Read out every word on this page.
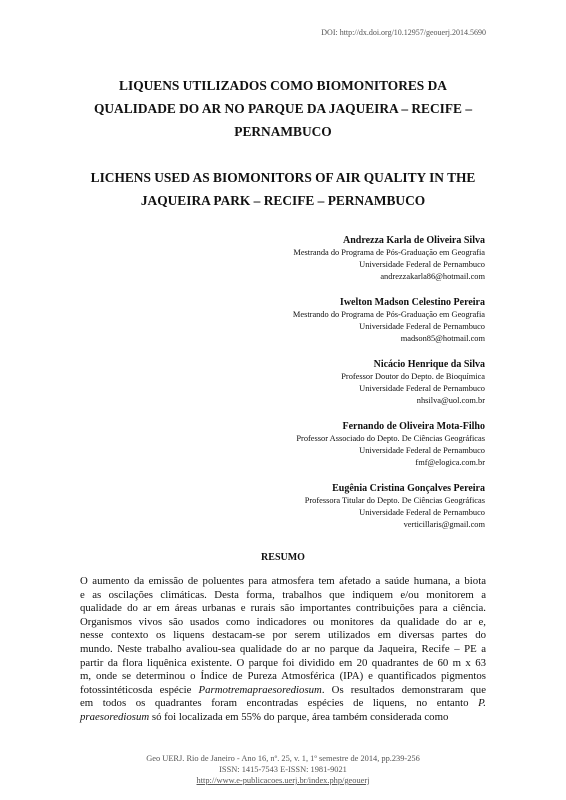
DOI: http://dx.doi.org/10.12957/geouerj.2014.5690
LIQUENS UTILIZADOS COMO BIOMONITORES DA
QUALIDADE DO AR NO PARQUE DA JAQUEIRA – RECIFE –
PERNAMBUCO
LICHENS USED AS BIOMONITORS OF AIR QUALITY IN THE
JAQUEIRA PARK – RECIFE – PERNAMBUCO
Andrezza Karla de Oliveira Silva
Mestranda do Programa de Pós-Graduação em Geografia
Universidade Federal de Pernambuco
andrezzakarla86@hotmail.com
Iwelton Madson Celestino Pereira
Mestrando do Programa de Pós-Graduação em Geografia
Universidade Federal de Pernambuco
madson85@hotmail.com
Nicácio Henrique da Silva
Professor Doutor do Depto. de Bioquímica
Universidade Federal de Pernambuco
nhsilva@uol.com.br
Fernando de Oliveira Mota-Filho
Professor Associado do Depto. De Ciências Geográficas
Universidade Federal de Pernambuco
fmf@elogica.com.br
Eugênia Cristina Gonçalves Pereira
Professora Titular do Depto. De Ciências Geográficas
Universidade Federal de Pernambuco
verticillaris@gmail.com
RESUMO
O aumento da emissão de poluentes para atmosfera tem afetado a saúde humana, a biota
e as oscilações climáticas. Desta forma, trabalhos que indiquem e/ou monitorem a
qualidade do ar em áreas urbanas e rurais são importantes contribuições para a ciência.
Organismos vivos são usados como indicadores ou monitores da qualidade do ar e,
nesse contexto os liquens destacam-se por serem utilizados em diversas partes do
mundo. Neste trabalho avaliou-sea qualidade do ar no parque da Jaqueira, Recife – PE a
partir da flora liquênica existente. O parque foi dividido em 20 quadrantes de 60 m x 63
m, onde se determinou o Índice de Pureza Atmosférica (IPA) e quantificados pigmentos
fotossintéticosda espécie Parmotremapraesorediosum. Os resultados demonstraram que
em todos os quadrantes foram encontradas espécies de liquens, no entanto P.
praesorediosum só foi localizada em 55% do parque, área também considerada como
Geo UERJ. Rio de Janeiro - Ano 16, nº. 25, v. 1, 1º semestre de 2014, pp.239-256
ISSN: 1415-7543 E-ISSN: 1981-9021
http://www.e-publicacoes.uerj.br/index.php/geouerj
